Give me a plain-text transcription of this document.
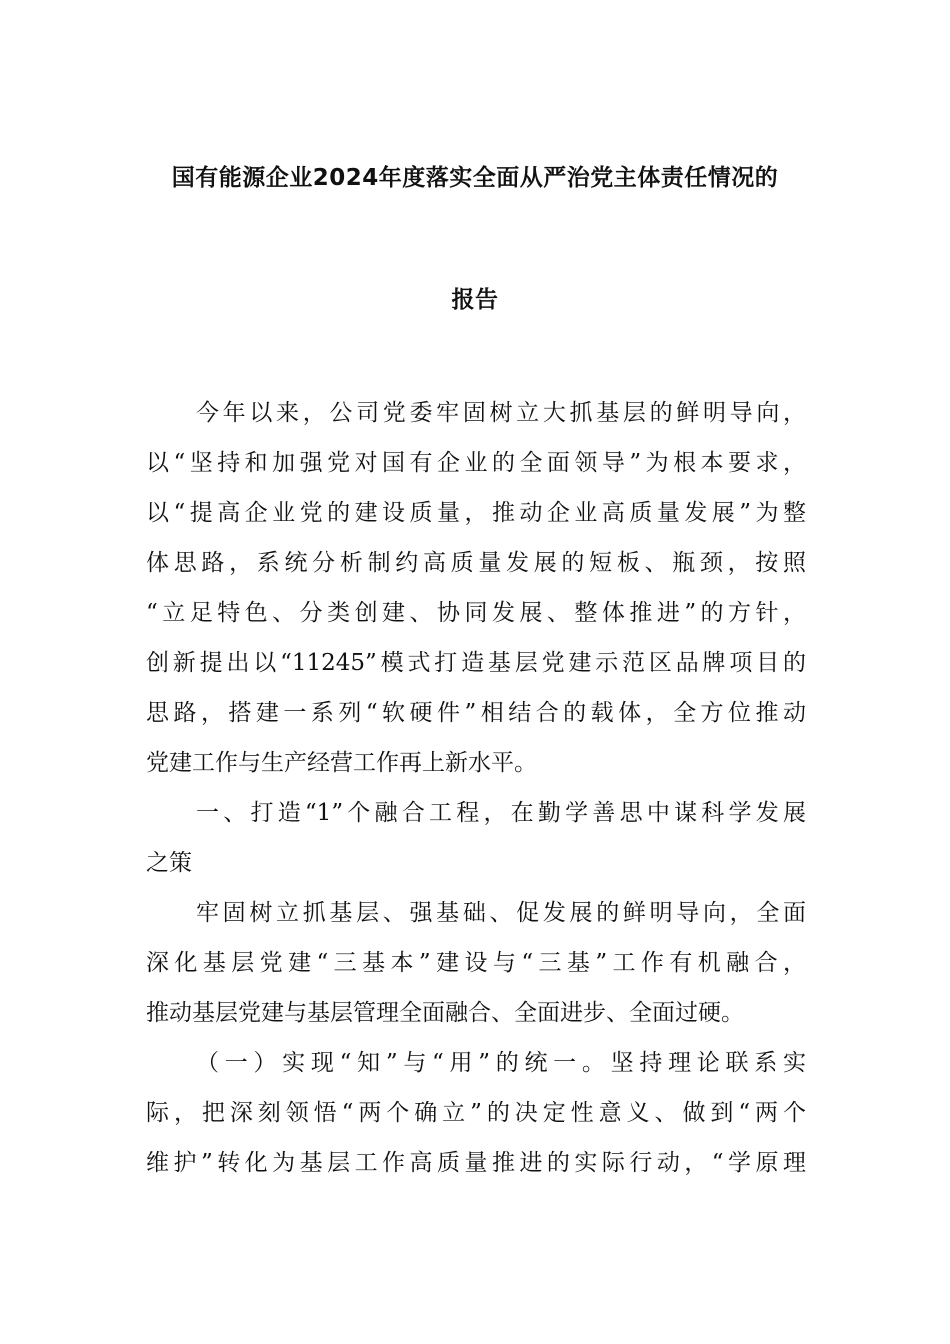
国有能源企业2024年度落实全面从严治党主体责任情况的
报告
今年以来，公司党委牢固树立大抓基层的鲜明导向，
以“坚持和加强党对国有企业的全面领导”为根本要求，
以“提高企业党的建设质量，推动企业高质量发展”为整
体思路，系统分析制约高质量发展的短板、瓶颈，按照
“立足特色、分类创建、协同发展、整体推进”的方针，
创新提出以“11245”模式打造基层党建示范区品牌项目的
思路，搭建一系列“软硬件”相结合的载体，全方位推动
党建工作与生产经营工作再上新水平。
一、打造“1”个融合工程，在勤学善思中谋科学发展
之策
牢固树立抓基层、强基础、促发展的鲜明导向，全面
深化基层党建“三基本”建设与“三基”工作有机融合，
推动基层党建与基层管理全面融合、全面进步、全面过硬。
（一）实现“知”与“用”的统一。坚持理论联系实
际，把深刻领悟“两个确立”的决定性意义、做到“两个
维护”转化为基层工作高质量推进的实际行动，“学原理
